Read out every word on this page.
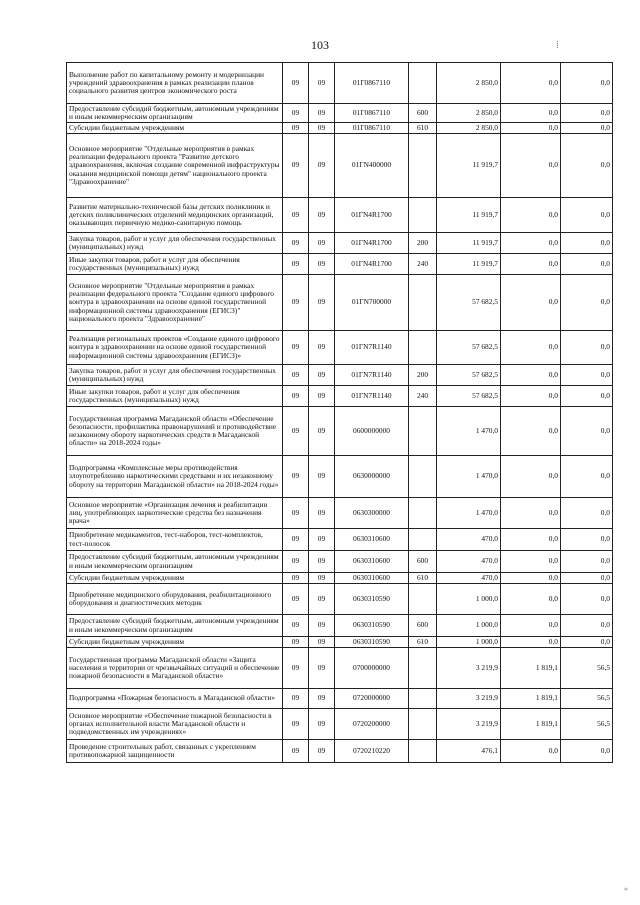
103	⁞
Выполнение работ по капитальному ремонту и модернизации учреждений здравоохранения в рамках реализации планов социального развития центров экономического роста	09	09	01Г0867110		2 850,0	0,0	0,0
Предоставление субсидий бюджетным, автономным учреждениям и иным некоммерческим организациям	09	09	01Г0867110	600	2 850,0	0,0	0,0
Субсидии бюджетным учреждениям	09	09	01Г0867110	610	2 850,0	0,0	0,0
Основное мероприятие "Отдельные мероприятия в рамках реализации федерального проекта "Развитие детского здравоохранения, включая создание современной инфраструктуры оказания медицинской помощи детям" национального проекта "Здравоохранение"	09	09	01ГN400000		11 919,7	0,0	0,0
Развитие материально-технической базы детских поликлиник и детских поликлинических отделений медицинских организаций, оказывающих первичную медико-санитарную помощь	09	09	01ГN4R1700		11 919,7	0,0	0,0
Закупка товаров, работ и услуг для обеспечения государственных (муниципальных) нужд	09	09	01ГN4R1700	200	11 919,7	0,0	0,0
Иные закупки товаров, работ и услуг для обеспечения государственных (муниципальных) нужд	09	09	01ГN4R1700	240	11 919,7	0,0	0,0
Основное мероприятие "Отдельные мероприятия в рамках реализации федерального проекта "Создание единого цифрового контура в здравоохранении на основе единой государственной информационной системы здравоохранения (ЕГИСЗ)" национального проекта "Здравоохранение"	09	09	01ГN700000		57 682,5	0,0	0,0
Реализация региональных проектов «Создание единого цифрового контура в здравоохранении на основе единой государственной информационной системы здравоохранения (ЕГИСЗ)»	09	09	01ГN7R1140		57 682,5	0,0	0,0
Закупка товаров, работ и услуг для обеспечения государственных (муниципальных) нужд	09	09	01ГN7R1140	200	57 682,5	0,0	0,0
Иные закупки товаров, работ и услуг для обеспечения государственных (муниципальных) нужд	09	09	01ГN7R1140	240	57 682,5	0,0	0,0
Государственная программа Магаданской области «Обеспечение безопасности, профилактика правонарушений и противодействие незаконному обороту наркотических средств в Магаданской области» на 2018-2024 годы»	09	09	0600000000		1 470,0	0,0	0,0
Подпрограмма «Комплексные меры противодействия злоупотреблению наркотическими средствами и их незаконному обороту на территории Магаданской области» на 2018-2024 годы»	09	09	0630000000		1 470,0	0,0	0,0
Основное мероприятие «Организация лечения и реабилитации лиц, употребляющих наркотические средства без назначения врача»	09	09	0630300000		1 470,0	0,0	0,0
Приобретение медикаментов, тест-наборов, тест-комплектов, тест-полосок	09	09	0630310600		470,0	0,0	0,0
Предоставление субсидий бюджетным, автономным учреждениям и иным некоммерческим организациям	09	09	0630310600	600	470,0	0,0	0,0
Субсидии бюджетным учреждениям	09	09	0630310600	610	470,0	0,0	0,0
Приобретение медицинского оборудования, реабилитационного оборудования и диагностических методик	09	09	0630310590		1 000,0	0,0	0,0
Предоставление субсидий бюджетным, автономным учреждениям и иным некоммерческим организациям	09	09	0630310590	600	1 000,0	0,0	0,0
Субсидии бюджетным учреждениям	09	09	0630310590	610	1 000,0	0,0	0,0
Государственная программа Магаданской области «Защита населения и территории от чрезвычайных ситуаций и обеспечение пожарной безопасности в Магаданской области»	09	09	0700000000		3 219,9	1 819,1	56,5
Подпрограмма «Пожарная безопасность в Магаданской области»	09	09	0720000000		3 219,9	1 819,1	56,5
Основное мероприятие «Обеспечение пожарной безопасности в органах исполнительной власти Магаданской области и подведомственных им учреждениях»	09	09	0720200000		3 219,9	1 819,1	56,5
Проведение строительных работ, связанных с укреплением противопожарной защищенности	09	09	0720210220		476,1	0,0	0,0
*
